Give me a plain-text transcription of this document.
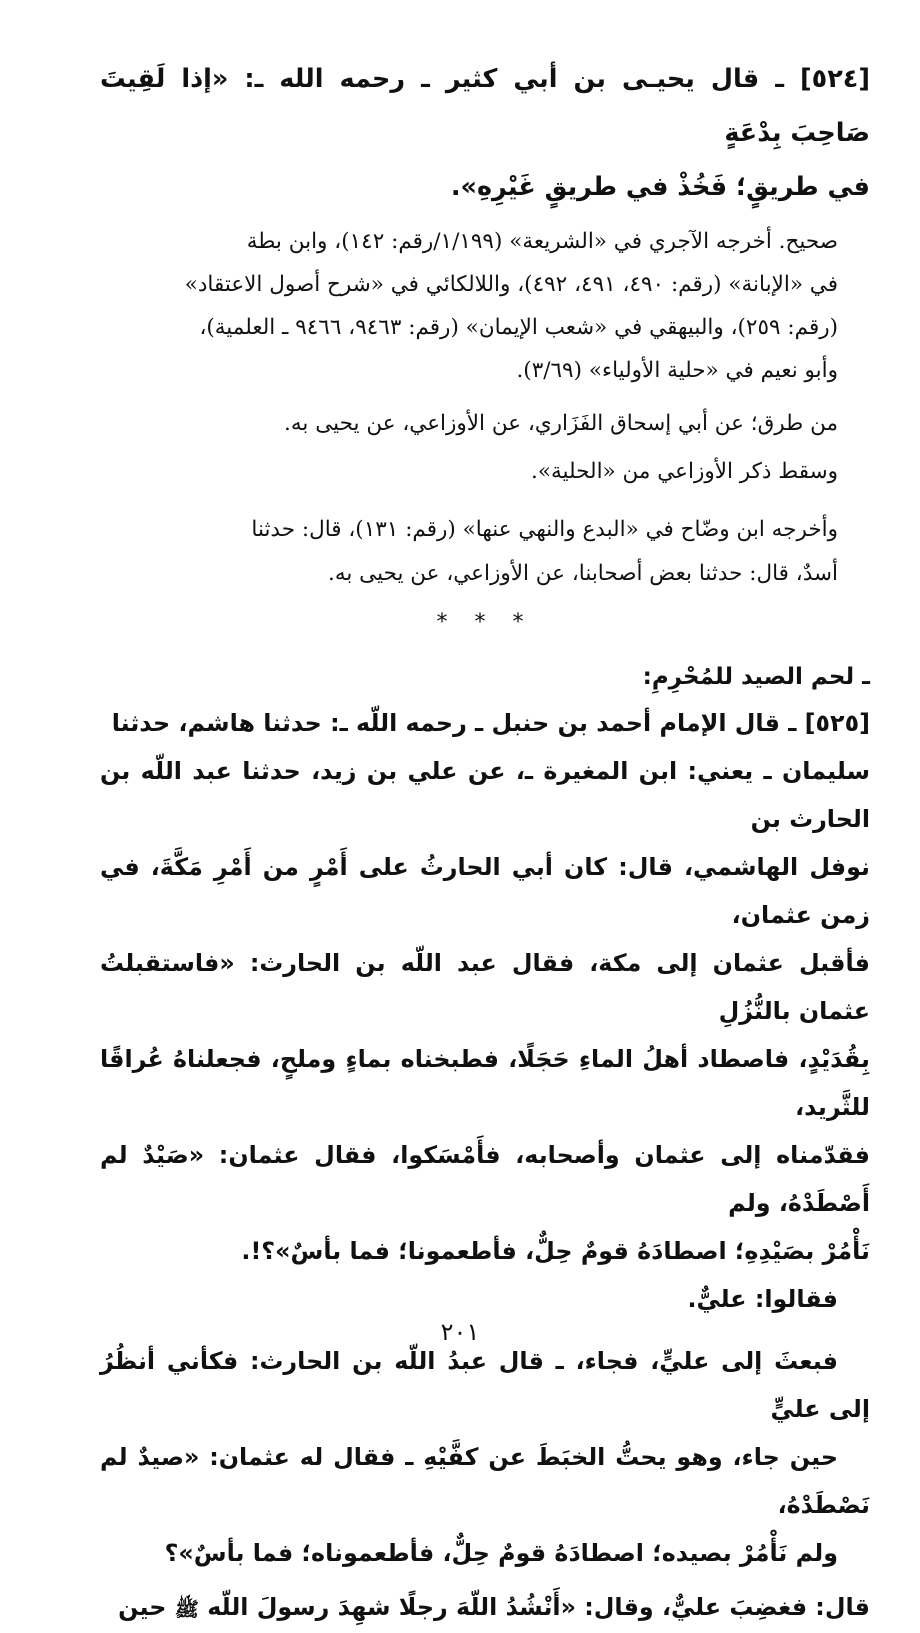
[٥٢٤] ـ قال يحيـى بن أبي كثير ـ رحمه الله ـ: «إذا لَقِيتَ صَاحِبَ بِدْعَةٍ
في طريقٍ؛ فَخُذْ في طريقٍ غَيْرِهِ».
صحيح. أخرجه الآجري في «الشريعة» (١/١٩٩/رقم: ١٤٢)، وابن بطة
في «الإبانة» (رقم: ٤٩٠، ٤٩١، ٤٩٢)، واللالكائي في «شرح أصول الاعتقاد»
(رقم: ٢٥٩)، والبيهقي في «شعب الإيمان» (رقم: ٩٤٦٣، ٩٤٦٦ ـ العلمية)،
وأبو نعيم في «حلية الأولياء» (٣/٦٩).

من طرق؛ عن أبي إسحاق الفَزَاري، عن الأوزاعي، عن يحيى به.

وسقط ذكر الأوزاعي من «الحلية».

وأخرجه ابن وضّاح في «البدع والنهي عنها» (رقم: ١٣١)، قال: حدثنا
أسدٌ، قال: حدثنا بعض أصحابنا، عن الأوزاعي، عن يحيى به.
* * *

ـ لحم الصيد للمُحْرِمِ:

[٥٢٥] ـ قال الإمام أحمد بن حنبل ـ رحمه اللّه ـ: حدثنا هاشم، حدثنا
سليمان ـ يعني: ابن المغيرة ـ، عن علي بن زيد، حدثنا عبد اللّه بن الحارث بن
نوفل الهاشمي، قال: كان أبي الحارثُ على أَمْرٍ من أَمْرِ مَكَّةَ، في زمن عثمان،
فأقبل عثمان إلى مكة، فقال عبد اللّه بن الحارث: «فاستقبلتُ عثمان بالنُّزُلِ
بِقُدَيْدٍ، فاصطاد أهلُ الماءِ حَجَلًا، فطبخناه بماءٍ وملحٍ، فجعلناهُ عُراقًا للثَّريد،
فقدّمناه إلى عثمان وأصحابه، فأَمْسَكوا، فقال عثمان: «صَيْدٌ لم أَصْطَدْهُ، ولم
نَأْمُرْ بصَيْدِهِ؛ اصطادَهُ قومٌ حِلٌّ، فأطعمونا؛ فما بأسٌ»؟!.

فقالوا: عليٌّ.

فبعثَ إلى عليٍّ، فجاء، ـ قال عبدُ اللّه بن الحارث: فكأني أنظُرُ إلى عليٍّ
حين جاء، وهو يحتُّ الخبَطَ عن كفَّيْهِ ـ فقال له عثمان: «صيدٌ لم نَصْطَدْهُ،
ولم نَأْمُرْ بصيده؛ اصطادَهُ قومٌ حِلٌّ، فأطعموناه؛ فما بأسٌ»؟

قال: فغضِبَ عليٌّ، وقال: «أَنْشُدُ اللّهَ رجلًا شهِدَ رسولَ اللّه ﷺ حين

٢٠١
